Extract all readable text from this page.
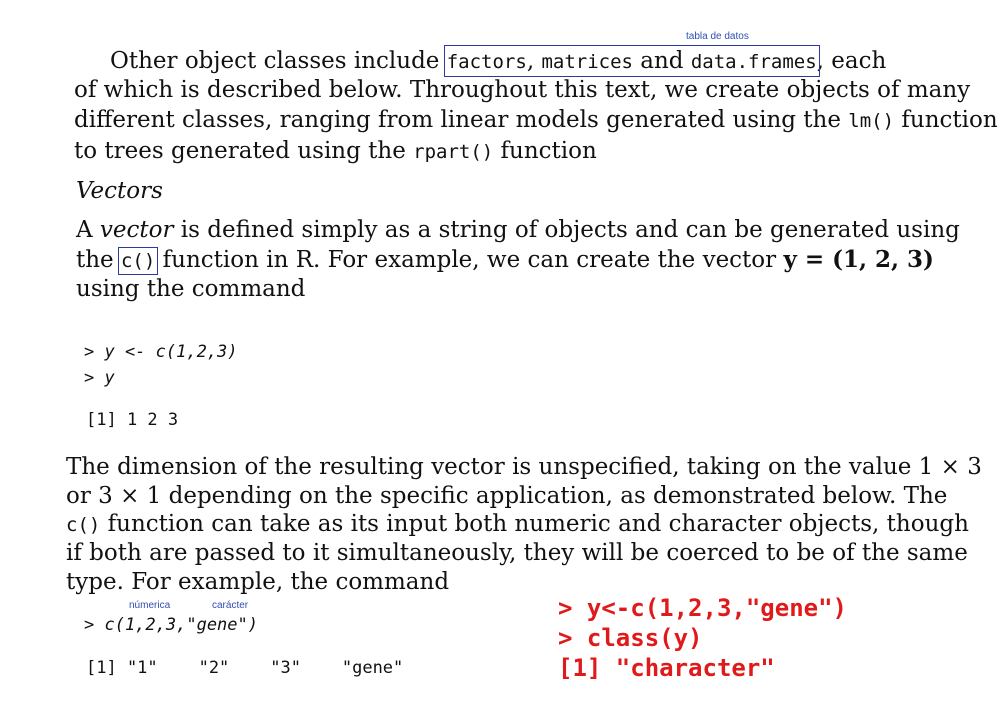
tabla de datos
Other object classes include factors, matrices and data.frames, each
of which is described below. Throughout this text, we create objects of many
different classes, ranging from linear models generated using the lm() function
to trees generated using the rpart() function
Vectors
A vector is defined simply as a string of objects and can be generated using
the c() function in R. For example, we can create the vector y = (1, 2, 3)
using the command
> y <- c(1,2,3)
> y
[1] 1 2 3
The dimension of the resulting vector is unspecified, taking on the value 1 × 3
or 3 × 1 depending on the specific application, as demonstrated below. The
c() function can take as its input both numeric and character objects, though
if both are passed to it simultaneously, they will be coerced to be of the same
type. For example, the command
númerica	carácter
> c(1,2,3,"gene")
[1] "1"    "2"    "3"    "gene"
> y<-c(1,2,3,"gene")
> class(y)
[1] "character"
